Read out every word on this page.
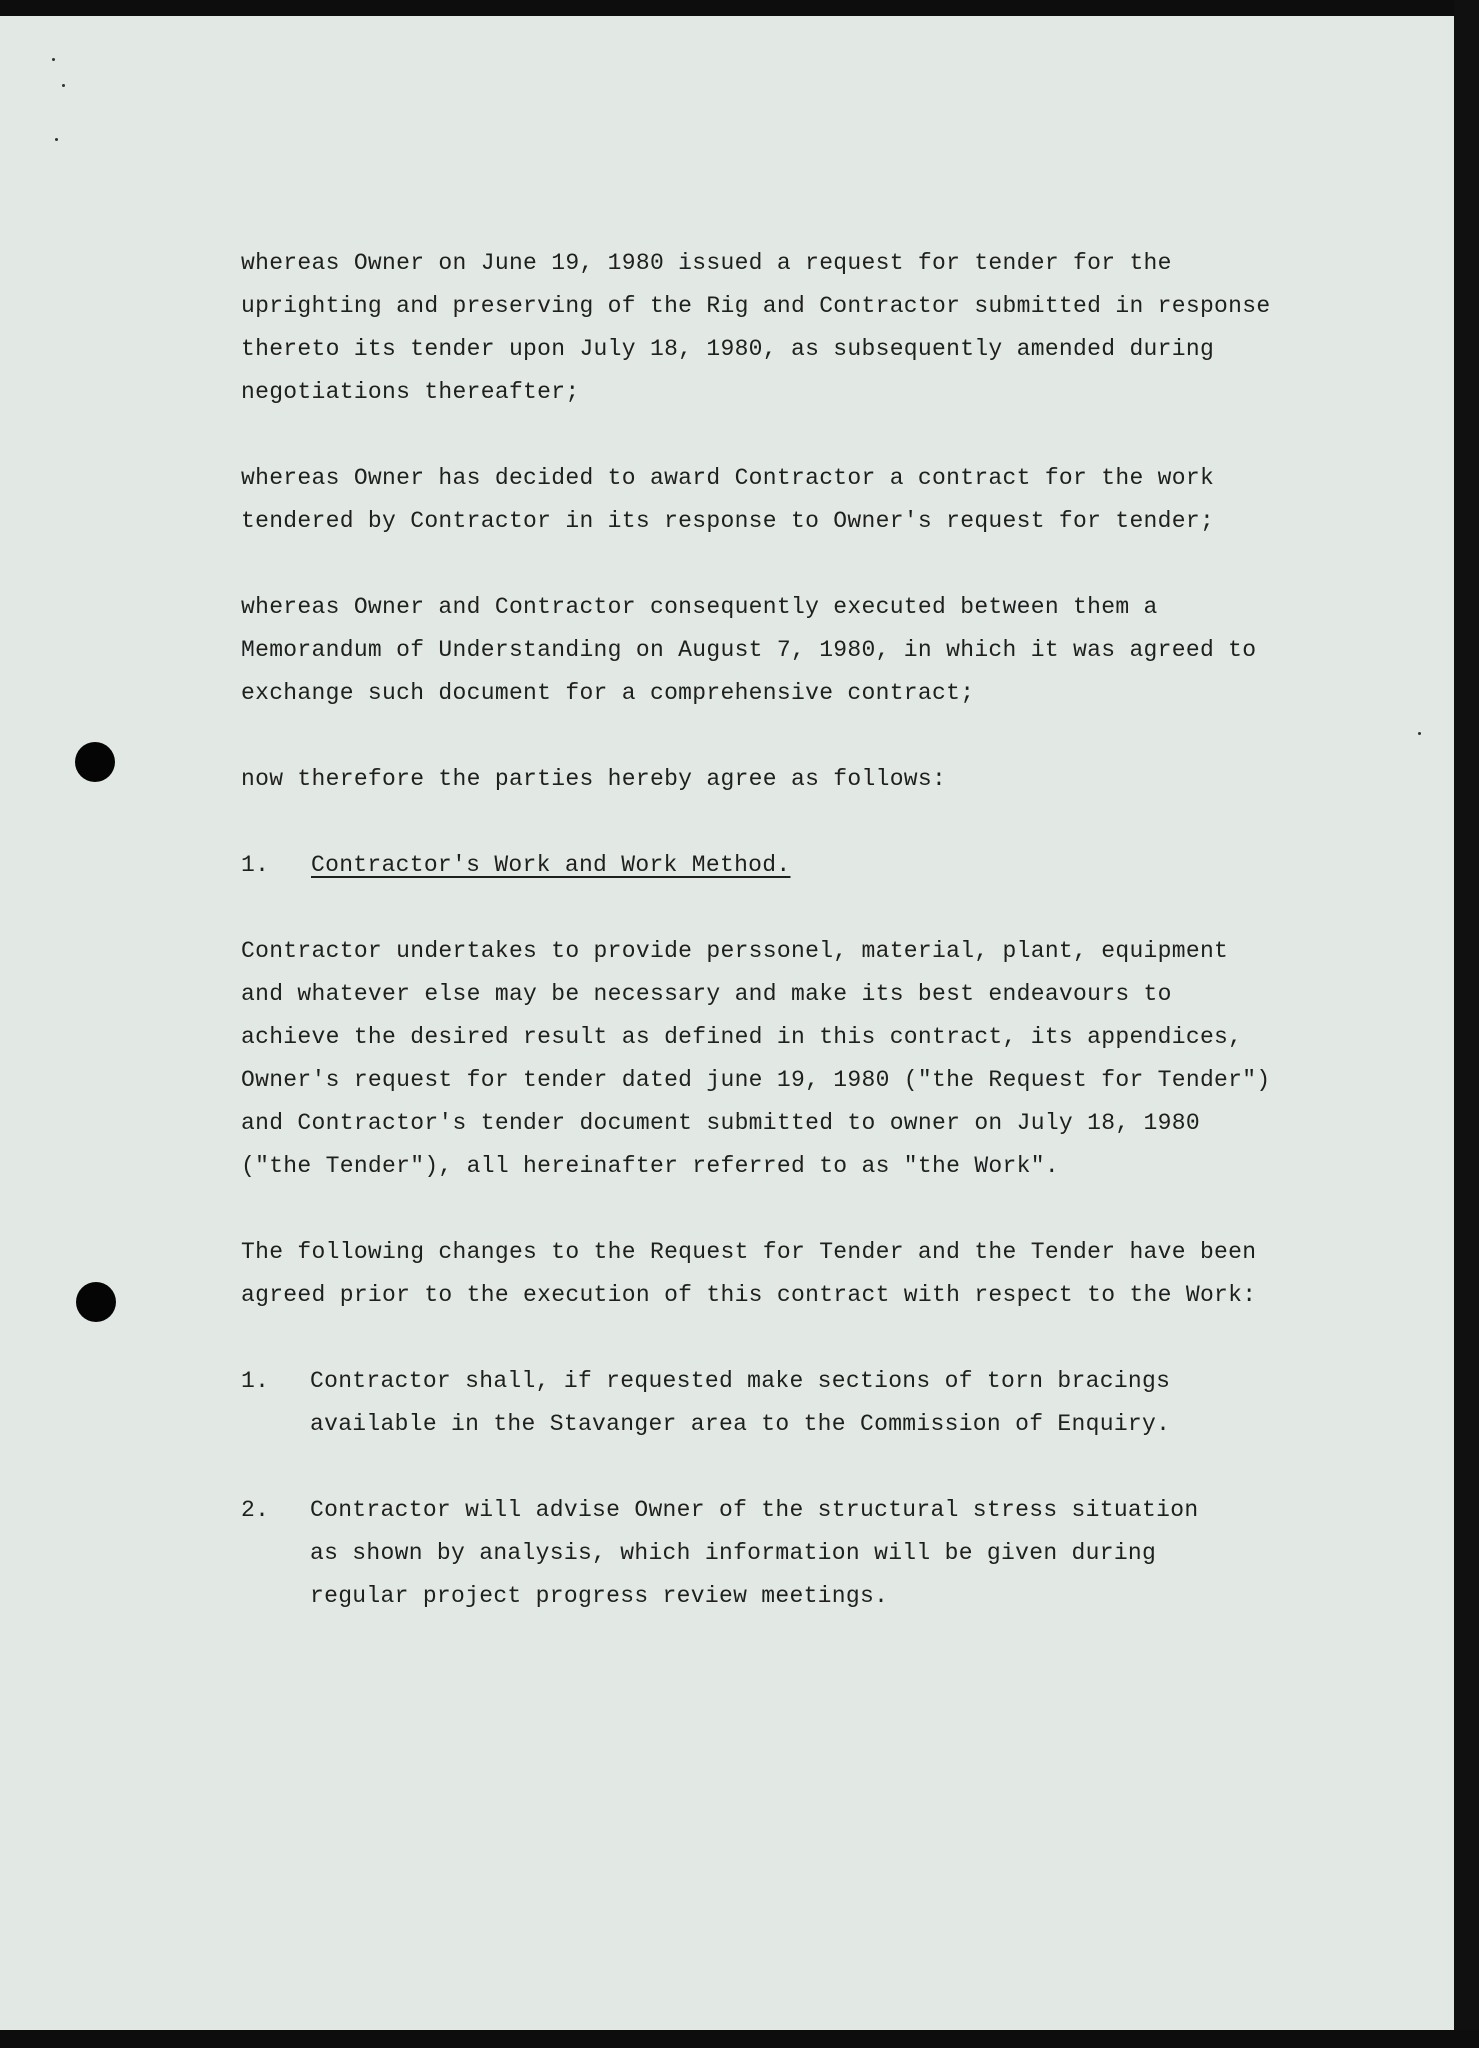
whereas Owner on June 19, 1980 issued a request for tender for the
uprighting and preserving of the Rig and Contractor submitted in response
thereto its tender upon July 18, 1980, as subsequently amended during
negotiations thereafter;
whereas Owner has decided to award Contractor a contract for the work
tendered by Contractor in its response to Owner's request for tender;
whereas Owner and Contractor consequently executed between them a
Memorandum of Understanding on August 7, 1980, in which it was agreed to
exchange such document for a comprehensive contract;
now therefore the parties hereby agree as follows:
1. Contractor's Work and Work Method.
Contractor undertakes to provide perssonel, material, plant, equipment
and whatever else may be necessary and make its best endeavours to
achieve the desired result as defined in this contract, its appendices,
Owner's request for tender dated june 19, 1980 ("the Request for Tender")
and Contractor's tender document submitted to owner on July 18, 1980
("the Tender"), all hereinafter referred to as "the Work".
The following changes to the Request for Tender and the Tender have been
agreed prior to the execution of this contract with respect to the Work:
1. Contractor shall, if requested make sections of torn bracings
available in the Stavanger area to the Commission of Enquiry.
2. Contractor will advise Owner of the structural stress situation
as shown by analysis, which information will be given during
regular project progress review meetings.
